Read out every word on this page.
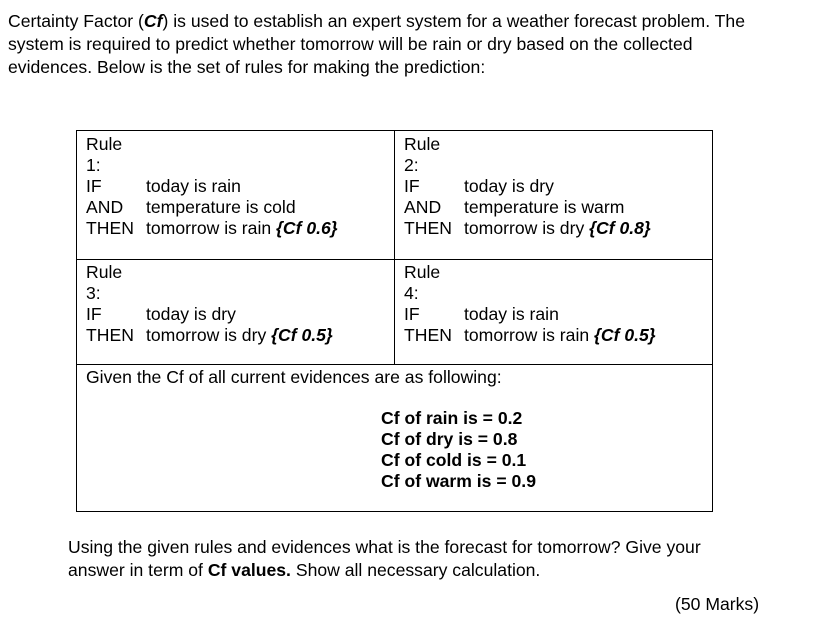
Certainty Factor (Cf) is used to establish an expert system for a weather forecast problem. The

system is required to predict whether tomorrow will be rain or dry based on the collected

evidences. Below is the set of rules for making the prediction:

Rule 1:
IF	today is rain
AND temperature is cold
THEN tomorrow is rain {Cf 0.6}
Rule 2:
IF	today is dry
AND temperature is warm
THEN tomorrow is dry {Cf 0.8}
Rule 3:
IF	today is dry
THEN tomorrow is dry {Cf 0.5}
Rule 4:
IF	today is rain
THEN tomorrow is rain {Cf 0.5}
Given the Cf of all current evidences are as following:
Cf of rain is = 0.2
Cf of dry is = 0.8
Cf of cold is = 0.1
Cf of warm is = 0.9

Using the given rules and evidences what is the forecast for tomorrow? Give your

answer in term of Cf values. Show all necessary calculation.

(50 Marks)
